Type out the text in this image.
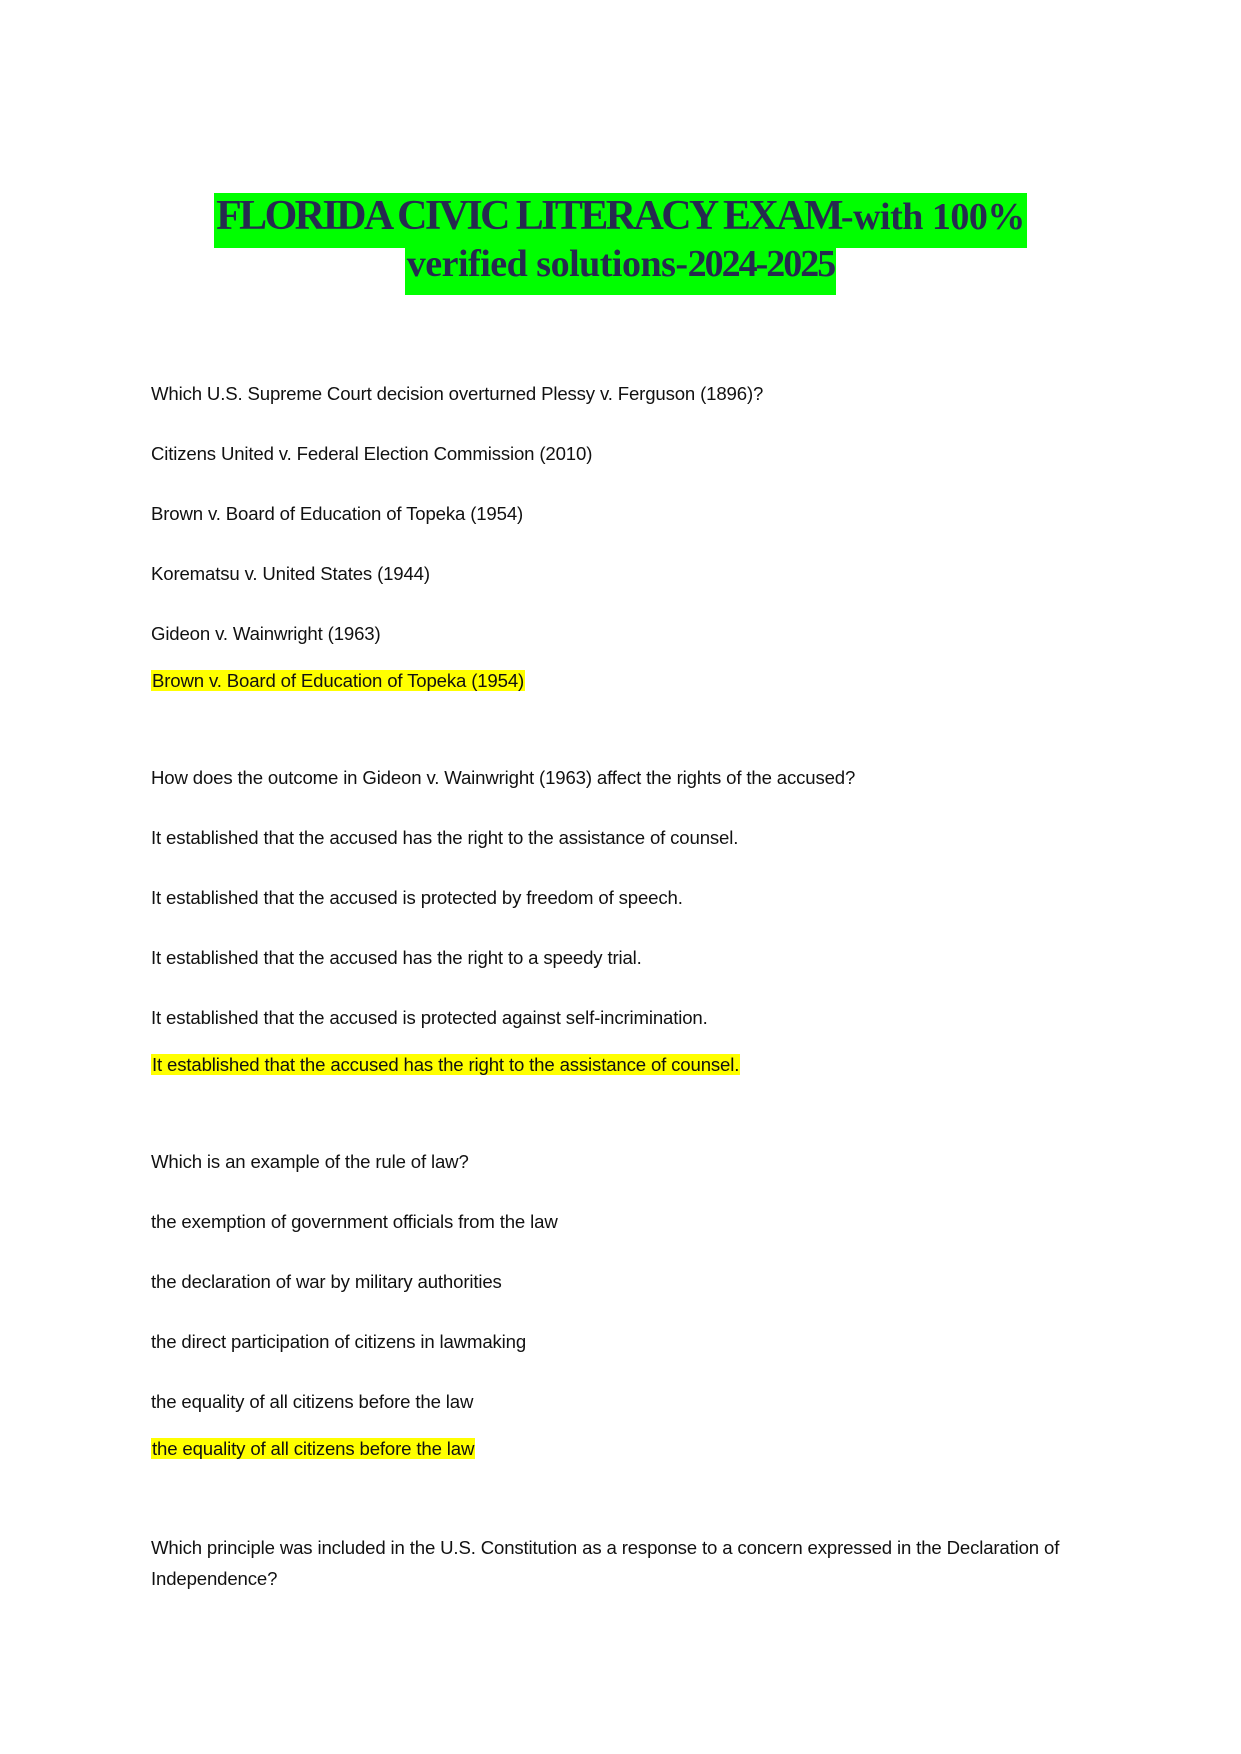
FLORIDA CIVIC LITERACY EXAM-with 100%
verified solutions-2024-2025
Which U.S. Supreme Court decision overturned Plessy v. Ferguson (1896)?
Citizens United v. Federal Election Commission (2010)
Brown v. Board of Education of Topeka (1954)
Korematsu v. United States (1944)
Gideon v. Wainwright (1963)
Brown v. Board of Education of Topeka (1954)
How does the outcome in Gideon v. Wainwright (1963) affect the rights of the accused?
It established that the accused has the right to the assistance of counsel.
It established that the accused is protected by freedom of speech.
It established that the accused has the right to a speedy trial.
It established that the accused is protected against self-incrimination.
It established that the accused has the right to the assistance of counsel.
Which is an example of the rule of law?
the exemption of government officials from the law
the declaration of war by military authorities
the direct participation of citizens in lawmaking
the equality of all citizens before the law
the equality of all citizens before the law
Which principle was included in the U.S. Constitution as a response to a concern expressed in the Declaration of Independence?
